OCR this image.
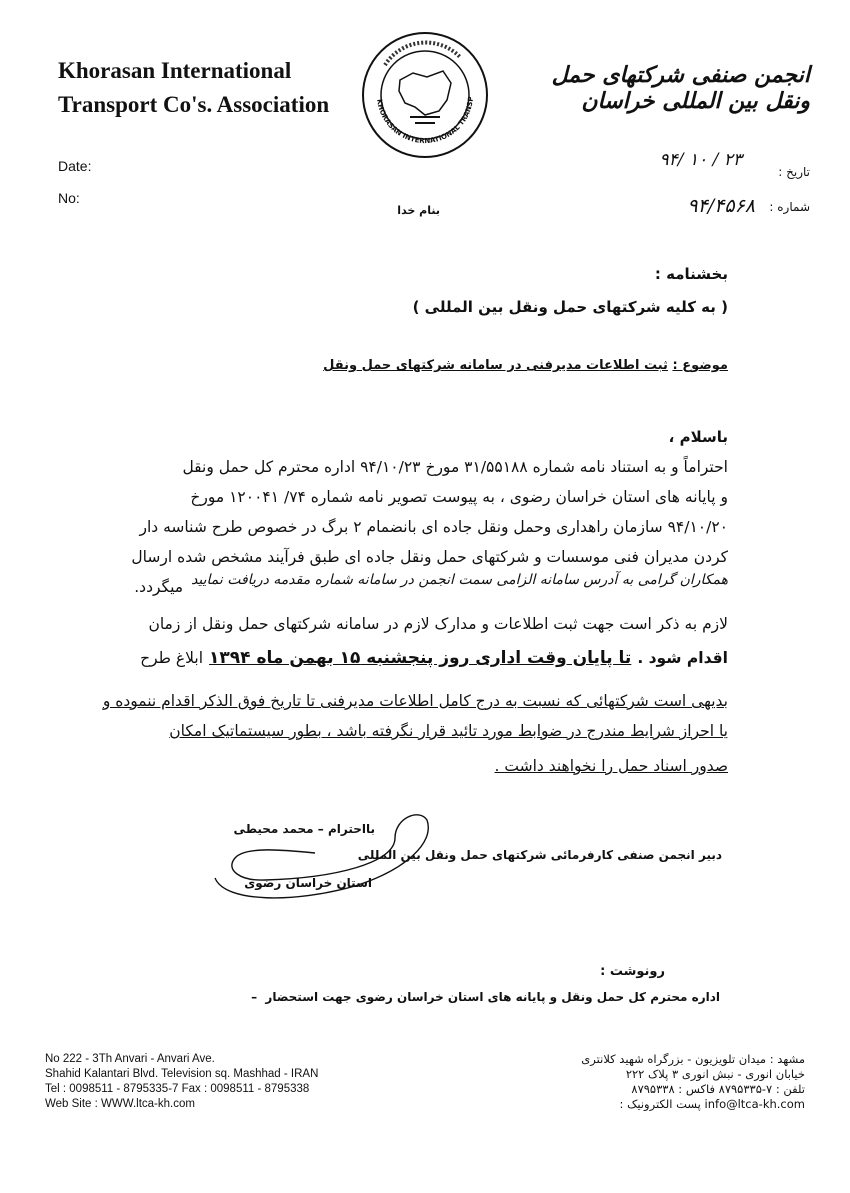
Khorasan International
Transport Co's. Association	KHORASAN INTERNATIONAL TRANSP
انجمن صنفی شرکتهای حمل ونقل بین المللی خراسان
Date:
No:
تاریخ :
۹۴/ ۱۰ / ۲۳
شماره :
۹۴/۴۵۶۸
بنام خدا
بخشنامه :
( به کلیه شرکتهای حمل ونقل بین المللی )
موضوع : ثبت اطلاعات مدیرفنی در سامانه شرکتهای حمل ونقل
باسلام ،
احتراماً و به استناد نامه شماره ۳۱/۵۵۱۸۸ مورخ ۹۴/۱۰/۲۳ اداره محترم کل حمل ونقل
و پایانه های استان خراسان رضوی ، به پیوست تصویر نامه شماره ۷۴/ ۱۲۰۰۴۱ مورخ
۹۴/۱۰/۲۰ سازمان راهداری وحمل ونقل جاده ای بانضمام ۲ برگ در خصوص طرح شناسه دار
کردن مدیران فنی موسسات و شرکتهای حمل ونقل جاده ای طبق فرآیند مشخص شده ارسال
میگردد. همکاران گرامی به آدرس سامانه الزامی سمت انجمن در سامانه شماره مقدمه دریافت نمایید
لازم به ذکر است جهت ثبت اطلاعات و مدارک لازم در سامانه شرکتهای حمل ونقل از زمان
ابلاغ طرح تا پایان وقت اداری روز پنجشنبه ۱۵ بهمن ماه ۱۳۹۴ اقدام شود .
بدیهی است شرکتهائی که نسبت به درج کامل اطلاعات مدیرفنی تا تاریخ فوق الذکر اقدام ننموده و
یا احراز شرایط مندرج در ضوابط مورد تائید قرار نگرفته باشد ، بطور سیستماتیک امکان
صدور اسناد حمل را نخواهند داشت .
بااحترام – محمد محیطی
دبیر انجمن صنفی کارفرمائی شرکتهای حمل ونقل بین المللی
استان خراسان رضوی
رونوشت :
اداره محترم کل حمل ونقل و پایانه های استان خراسان رضوی جهت استحضار  –
No 222 - 3Th Anvari - Anvari Ave.
Shahid Kalantari Blvd. Television sq. Mashhad - IRAN
Tel : 0098511 - 8795335-7 Fax : 0098511 - 8795338
Web Site : WWW.ltca-kh.com
مشهد : میدان تلویزیون - بزرگراه شهید کلانتری
خیابان انوری - نبش انوری ۳ پلاک ۲۲۲
تلفن : ۷-۸۷۹۵۳۳۵ فاکس : ۸۷۹۵۳۳۸
info@ltca-kh.com پست الکترونیک :
